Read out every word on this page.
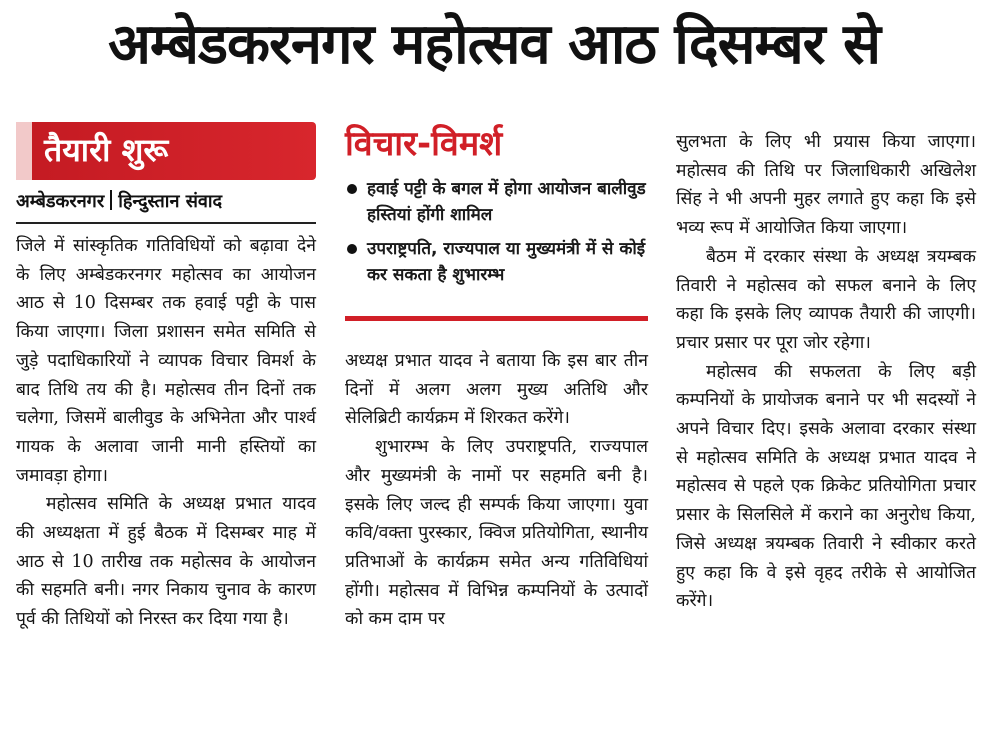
अम्बेडकरनगर महोत्सव आठ दिसम्बर से
तैयारी शुरू
अम्बेडकरनगर हिन्दुस्तान संवाद

जिले में सांस्कृतिक गतिविधियों को बढ़ावा देने के लिए अम्बेडकरनगर महोत्सव का आयोजन आठ से 10 दिसम्बर तक हवाई पट्टी के पास किया जाएगा। जिला प्रशासन समेत समिति से जुड़े पदाधिकारियों ने व्यापक विचार विमर्श के बाद तिथि तय की है। महोत्सव तीन दिनों तक चलेगा, जिसमें बालीवुड के अभिनेता और पार्श्व गायक के अलावा जानी मानी हस्तियों का जमावड़ा होगा।

महोत्सव समिति के अध्यक्ष प्रभात यादव की अध्यक्षता में हुई बैठक में दिसम्बर माह में आठ से 10 तारीख तक महोत्सव के आयोजन की सहमति बनी। नगर निकाय चुनाव के कारण पूर्व की तिथियों को निरस्त कर दिया गया है।

विचार-विमर्श
हवाई पट्टी के बगल में होगा आयोजन बालीवुड हस्तियां होंगी शामिल
उपराष्ट्रपति, राज्यपाल या मुख्यमंत्री में से कोई कर सकता है शुभारम्भ

अध्यक्ष प्रभात यादव ने बताया कि इस बार तीन दिनों में अलग अलग मुख्य अतिथि और सेलिब्रिटी कार्यक्रम में शिरकत करेंगे।

शुभारम्भ के लिए उपराष्ट्रपति, राज्यपाल और मुख्यमंत्री के नामों पर सहमति बनी है। इसके लिए जल्द ही सम्पर्क किया जाएगा। युवा कवि/वक्ता पुरस्कार, क्विज प्रतियोगिता, स्थानीय प्रतिभाओं के कार्यक्रम समेत अन्य गतिविधियां होंगी। महोत्सव में विभिन्न कम्पनियों के उत्पादों को कम दाम पर

सुलभता के लिए भी प्रयास किया जाएगा। महोत्सव की तिथि पर जिलाधिकारी अखिलेश सिंह ने भी अपनी मुहर लगाते हुए कहा कि इसे भव्य रूप में आयोजित किया जाएगा।

बैठम में दरकार संस्था के अध्यक्ष त्रयम्बक तिवारी ने महोत्सव को सफल बनाने के लिए कहा कि इसके लिए व्यापक तैयारी की जाएगी। प्रचार प्रसार पर पूरा जोर रहेगा।

महोत्सव की सफलता के लिए बड़ी कम्पनियों के प्रायोजक बनाने पर भी सदस्यों ने अपने विचार दिए। इसके अलावा दरकार संस्था से महोत्सव समिति के अध्यक्ष प्रभात यादव ने महोत्सव से पहले एक क्रिकेट प्रतियोगिता प्रचार प्रसार के सिलसिले में कराने का अनुरोध किया, जिसे अध्यक्ष त्रयम्बक तिवारी ने स्वीकार करते हुए कहा कि वे इसे वृहद तरीके से आयोजित करेंगे।
